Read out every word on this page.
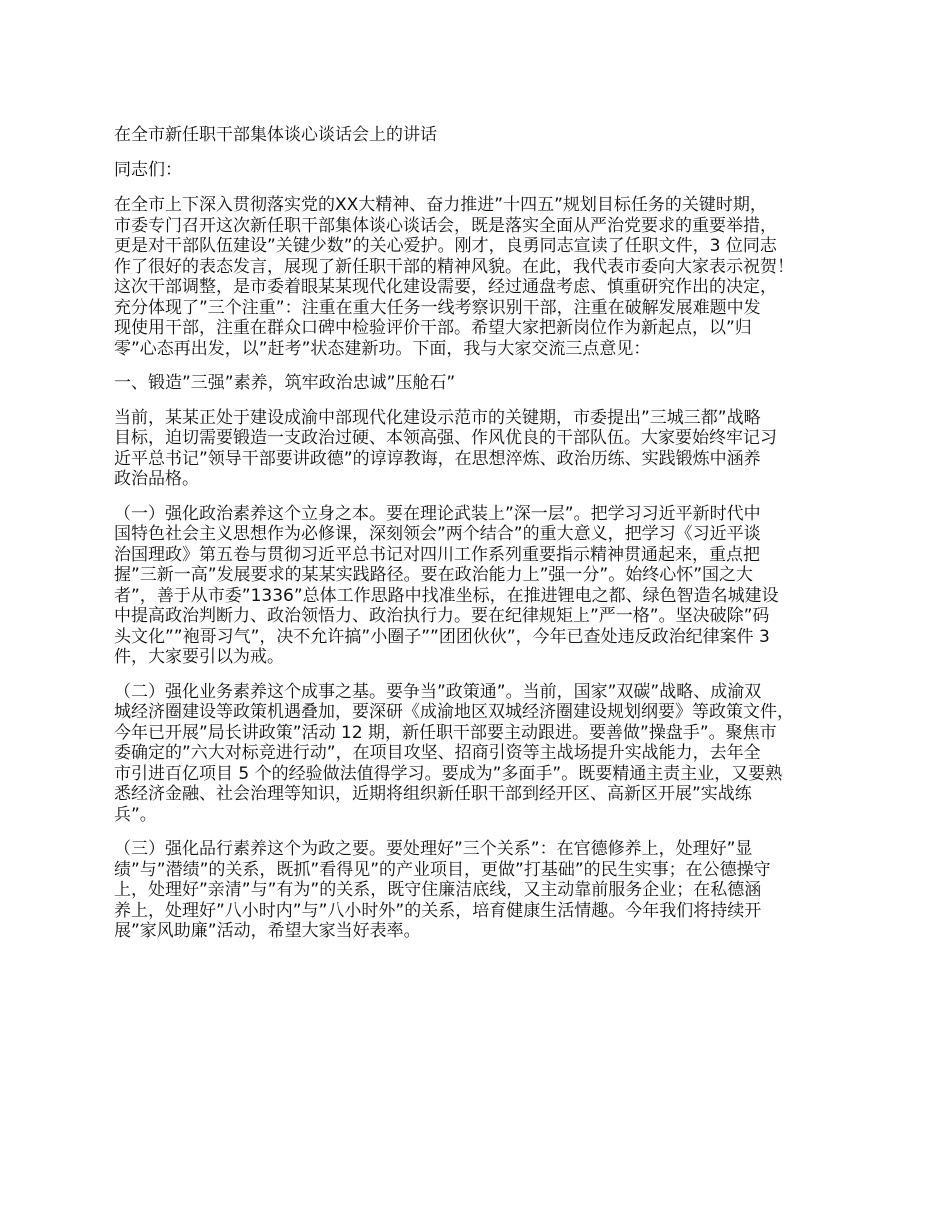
在全市新任职干部集体谈心谈话会上的讲话
同志们：
在全市上下深入贯彻落实党的XX大精神、奋力推进”十四五”规划目标任务的关键时期，
市委专门召开这次新任职干部集体谈心谈话会，既是落实全面从严治党要求的重要举措，
更是对干部队伍建设”关键少数”的关心爱护。刚才，良勇同志宣读了任职文件，3 位同志
作了很好的表态发言，展现了新任职干部的精神风貌。在此，我代表市委向大家表示祝贺！
这次干部调整，是市委着眼某某现代化建设需要，经过通盘考虑、慎重研究作出的决定，
充分体现了”三个注重”：注重在重大任务一线考察识别干部，注重在破解发展难题中发
现使用干部，注重在群众口碑中检验评价干部。希望大家把新岗位作为新起点，以”归
零”心态再出发，以”赶考”状态建新功。下面，我与大家交流三点意见：
一、锻造”三强”素养，筑牢政治忠诚”压舱石”
当前，某某正处于建设成渝中部现代化建设示范市的关键期，市委提出”三城三都”战略
目标，迫切需要锻造一支政治过硬、本领高强、作风优良的干部队伍。大家要始终牢记习
近平总书记”领导干部要讲政德”的谆谆教诲，在思想淬炼、政治历练、实践锻炼中涵养
政治品格。
（一）强化政治素养这个立身之本。要在理论武装上”深一层”。把学习习近平新时代中
国特色社会主义思想作为必修课，深刻领会”两个结合”的重大意义，把学习《习近平谈
治国理政》第五卷与贯彻习近平总书记对四川工作系列重要指示精神贯通起来，重点把
握”三新一高”发展要求的某某实践路径。要在政治能力上”强一分”。始终心怀”国之大
者”，善于从市委”1336”总体工作思路中找准坐标，在推进锂电之都、绿色智造名城建设
中提高政治判断力、政治领悟力、政治执行力。要在纪律规矩上”严一格”。坚决破除”码
头文化””袍哥习气”，决不允许搞”小圈子””团团伙伙”，今年已查处违反政治纪律案件 3
件，大家要引以为戒。
（二）强化业务素养这个成事之基。要争当”政策通”。当前，国家”双碳”战略、成渝双
城经济圈建设等政策机遇叠加，要深研《成渝地区双城经济圈建设规划纲要》等政策文件，
今年已开展”局长讲政策”活动 12 期，新任职干部要主动跟进。要善做”操盘手”。聚焦市
委确定的”六大对标竞进行动”，在项目攻坚、招商引资等主战场提升实战能力，去年全
市引进百亿项目 5 个的经验做法值得学习。要成为”多面手”。既要精通主责主业，又要熟
悉经济金融、社会治理等知识，近期将组织新任职干部到经开区、高新区开展”实战练
兵”。
（三）强化品行素养这个为政之要。要处理好”三个关系”：在官德修养上，处理好”显
绩”与”潜绩”的关系，既抓”看得见”的产业项目，更做”打基础”的民生实事；在公德操守
上，处理好”亲清”与”有为”的关系，既守住廉洁底线，又主动靠前服务企业；在私德涵
养上，处理好”八小时内”与”八小时外”的关系，培育健康生活情趣。今年我们将持续开
展”家风助廉”活动，希望大家当好表率。
